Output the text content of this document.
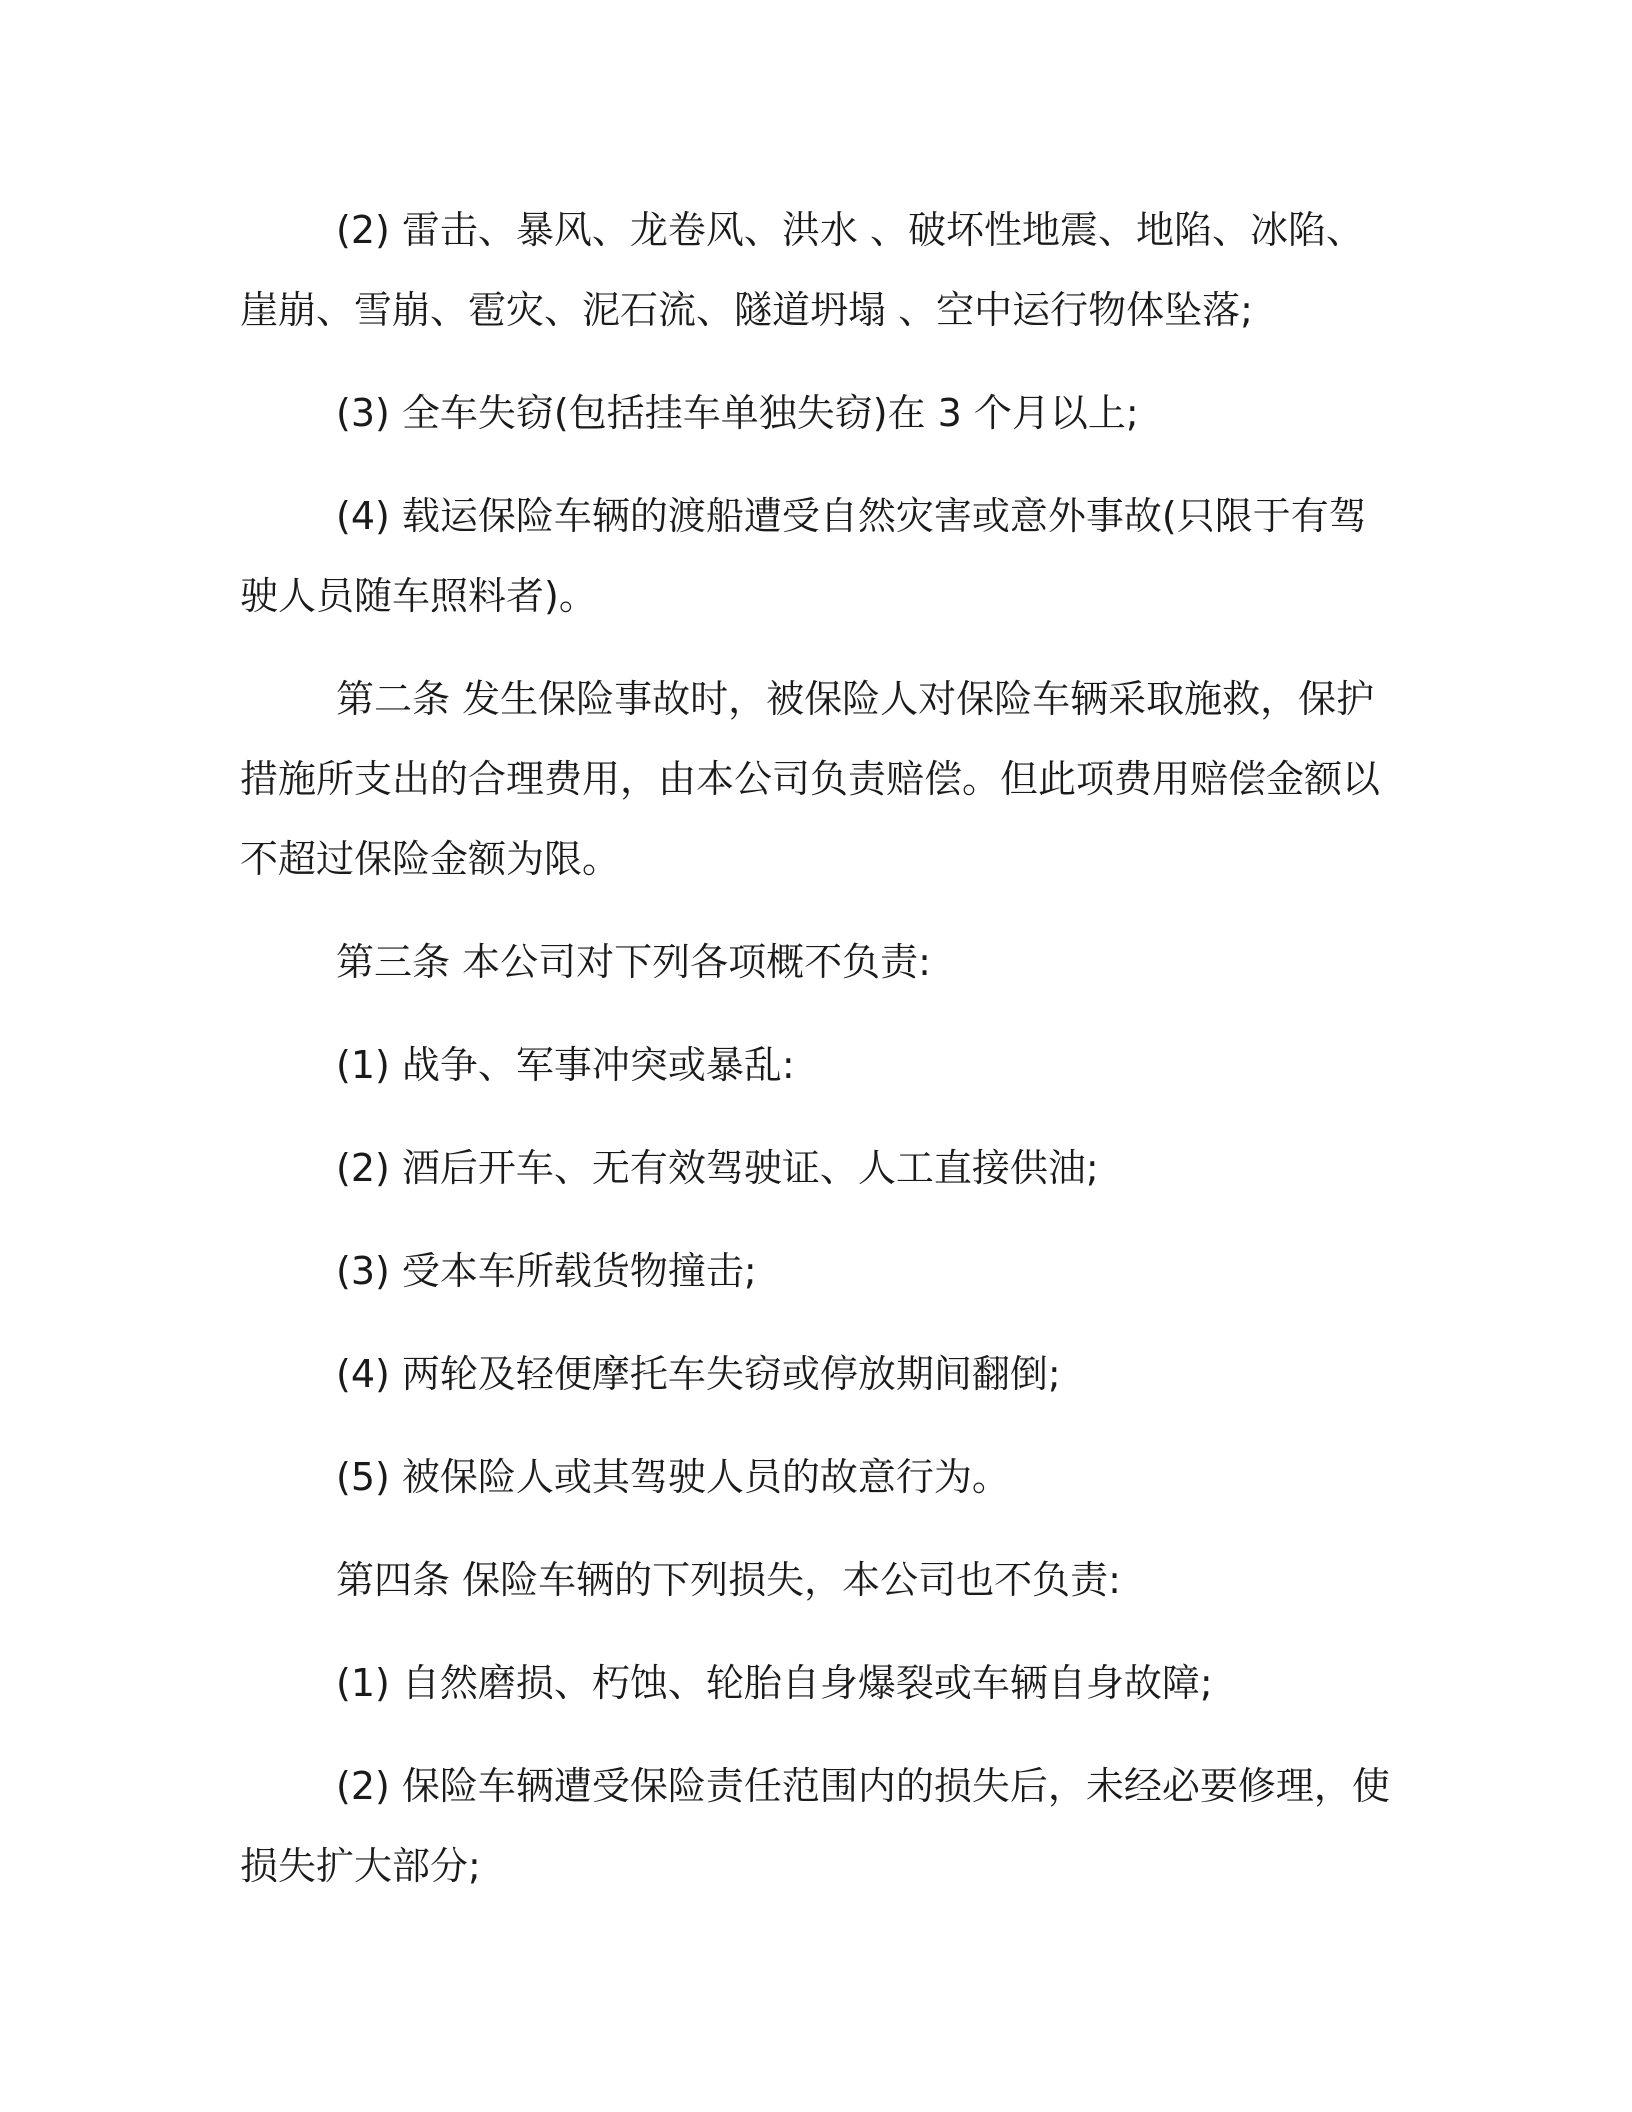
(2) 雷击、暴风、龙卷风、洪水 、破坏性地震、地陷、冰陷、崖崩、雪崩、雹灾、泥石流、隧道坍塌 、空中运行物体坠落;

(3) 全车失窃(包括挂车单独失窃)在 3 个月以上;

(4) 载运保险车辆的渡船遭受自然灾害或意外事故(只限于有驾驶人员随车照料者)。

第二条 发生保险事故时，被保险人对保险车辆采取施救，保护措施所支出的合理费用，由本公司负责赔偿。但此项费用赔偿金额以不超过保险金额为限。

第三条 本公司对下列各项概不负责:

(1) 战争、军事冲突或暴乱:

(2) 酒后开车、无有效驾驶证、人工直接供油;

(3) 受本车所载货物撞击;

(4) 两轮及轻便摩托车失窃或停放期间翻倒;

(5) 被保险人或其驾驶人员的故意行为。

第四条 保险车辆的下列损失，本公司也不负责:

(1) 自然磨损、朽蚀、轮胎自身爆裂或车辆自身故障;

(2) 保险车辆遭受保险责任范围内的损失后，未经必要修理，使损失扩大部分;
